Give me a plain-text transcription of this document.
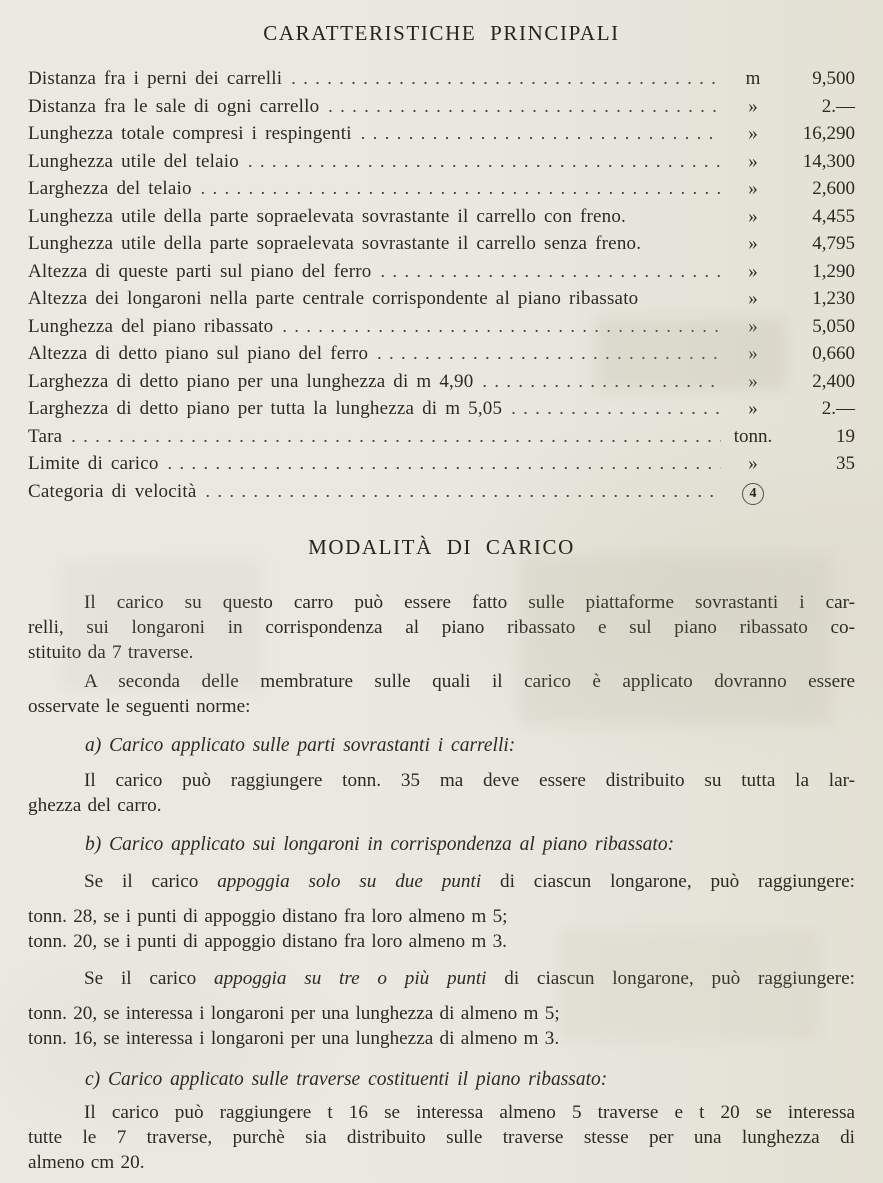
CARATTERISTICHE PRINCIPALI
Distanza fra i perni dei carrelli .....	m	9,500
Distanza fra le sale di ogni carrello .....	»	2.—
Lunghezza totale compresi i respingenti .....	»	16,290
Lunghezza utile del telaio .....	»	14,300
Larghezza del telaio .....	»	2,600
Lunghezza utile della parte sopraelevata sovrastante il carrello con freno.	»	4,455
Lunghezza utile della parte sopraelevata sovrastante il carrello senza freno.	»	4,795
Altezza di queste parti sul piano del ferro .....	»	1,290
Altezza dei longaroni nella parte centrale corrispondente al piano ribassato	»	1,230
Lunghezza del piano ribassato .....	»	5,050
Altezza di detto piano sul piano del ferro .....	»	0,660
Larghezza di detto piano per una lunghezza di m 4,90 .....	»	2,400
Larghezza di detto piano per tutta la lunghezza di m 5,05 .....	»	2.—
Tara .....	tonn.	19
Limite di carico .....	»	35
Categoria di velocità .....	4
MODALITÀ DI CARICO
Il carico su questo carro può essere fatto sulle piattaforme sovrastanti i car-
relli, sui longaroni in corrispondenza al piano ribassato e sul piano ribassato co-
stituito da 7 traverse.
A seconda delle membrature sulle quali il carico è applicato dovranno essere
osservate le seguenti norme:
a) Carico applicato sulle parti sovrastanti i carrelli:
Il carico può raggiungere tonn. 35 ma deve essere distribuito su tutta la lar-
ghezza del carro.
b) Carico applicato sui longaroni in corrispondenza al piano ribassato:
Se il carico appoggia solo su due punti di ciascun longarone, può raggiungere:
tonn. 28, se i punti di appoggio distano fra loro almeno m 5;
tonn. 20, se i punti di appoggio distano fra loro almeno m 3.
Se il carico appoggia su tre o più punti di ciascun longarone, può raggiungere:
tonn. 20, se interessa i longaroni per una lunghezza di almeno m 5;
tonn. 16, se interessa i longaroni per una lunghezza di almeno m 3.
c) Carico applicato sulle traverse costituenti il piano ribassato:
Il carico può raggiungere t 16 se interessa almeno 5 traverse e t 20 se interessa
tutte le 7 traverse, purchè sia distribuito sulle traverse stesse per una lunghezza di
almeno cm 20.
